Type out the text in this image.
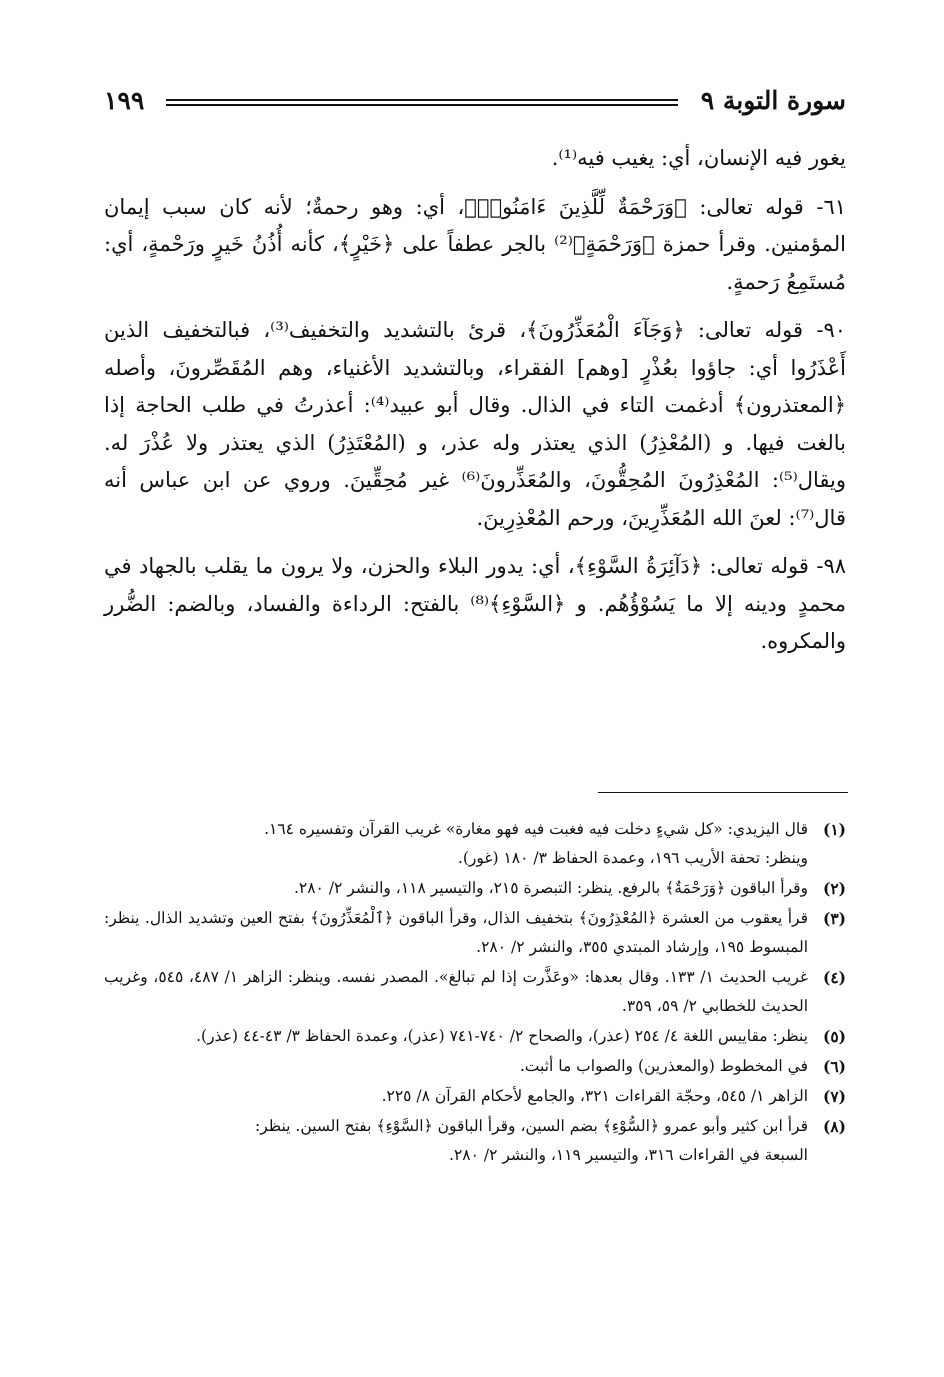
سورة التوبة ٩
١٩٩

يغور فيه الإنسان، أي: يغيب فيه⁽¹⁾.

٦١- قوله تعالى: ﴿وَرَحْمَةٌ لِّلَّذِينَ ءَامَنُوا۟﴾، أي: وهو رحمةٌ؛ لأنه كان سبب إيمان المؤمنين. وقرأ حمزة ﴿وَرَحْمَةٍ﴾⁽²⁾ بالجر عطفاً على ﴿خَيْرٍ﴾، كأنه أُذُنُ خَيرٍ ورَحْمةٍ، أي: مُستَمِعُ رَحمةٍ.

٩٠- قوله تعالى: ﴿وَجَآءَ الْمُعَذِّرُونَ﴾، قرئ بالتشديد والتخفيف⁽³⁾، فبالتخفيف الذين أَعْذَرُوا أي: جاؤوا بعُذْرٍ [وهم] الفقراء، وبالتشديد الأغنياء، وهم المُقَصِّرونَ، وأصله ﴿المعتذرون﴾ أدغمت التاء في الذال. وقال أبو عبيد⁽⁴⁾: أعذرتُ في طلب الحاجة إذا بالغت فيها. و (المُعْذِرُ) الذي يعتذر وله عذر، و (المُعْتَذِرُ) الذي يعتذر ولا عُذْرَ له. ويقال⁽⁵⁾: المُعْذِرُونَ المُحِقُّونَ، والمُعَذِّرونَ⁽⁶⁾ غير مُحِقِّينَ. وروي عن ابن عباس أنه قال⁽⁷⁾: لعنَ الله المُعَذِّرِينَ، ورحم المُعْذِرِينَ.

٩٨- قوله تعالى: ﴿دَآئِرَةُ السَّوْءِ﴾، أي: يدور البلاء والحزن، ولا يرون ما يقلب بالجهاد في محمدٍ ودينه إلا ما يَسُوْؤُهُم. و ﴿السَّوْءِ﴾⁽⁸⁾ بالفتح: الرداءة والفساد، وبالضم: الضُّرر والمكروه.

(١)
قال اليزيدي: «كل شيءٍ دخلت فيه فغبت فيه فهو مغارة» غريب القرآن وتفسيره ١٦٤.
وينظر: تحفة الأريب ١٩٦، وعمدة الحفاظ ٣/ ١٨٠ (غور).
(٢)
وقرأ الباقون ﴿وَرَحْمَةٌ﴾ بالرفع. ينظر: التبصرة ٢١٥، والتيسير ١١٨، والنشر ٢/ ٢٨٠.
(٣)
قرأ يعقوب من العشرة ﴿المُعْذِرُونَ﴾ بتخفيف الذال، وقرأ الباقون ﴿ٱلْمُعَذِّرُونَ﴾ بفتح العين وتشديد الذال. ينظر: المبسوط ١٩٥، وإرشاد المبتدي ٣٥٥، والنشر ٢/ ٢٨٠.
(٤)
غريب الحديث ١/ ١٣٣. وقال بعدها: «وعَذَّرت إذا لم تبالغ». المصدر نفسه. وينظر: الزاهر ١/ ٤٨٧، ٥٤٥، وغريب الحديث للخطابي ٢/ ٥٩، ٣٥٩.
(٥)
ينظر: مقاييس اللغة ٤/ ٢٥٤ (عذر)، والصحاح ٢/ ٧٤٠-٧٤١ (عذر)، وعمدة الحفاظ ٣/ ٤٣-٤٤ (عذر).
(٦)
في المخطوط (والمعذرين) والصواب ما أثبت.
(٧)
الزاهر ١/ ٥٤٥، وحجّة القراءات ٣٢١، والجامع لأحكام القرآن ٨/ ٢٢٥.
(٨)
قرأ ابن كثير وأبو عمرو ﴿السُّوْءِ﴾ بضم السين، وقرأ الباقون ﴿السَّوْءِ﴾ بفتح السين. ينظر:
السبعة في القراءات ٣١٦، والتيسير ١١٩، والنشر ٢/ ٢٨٠.
